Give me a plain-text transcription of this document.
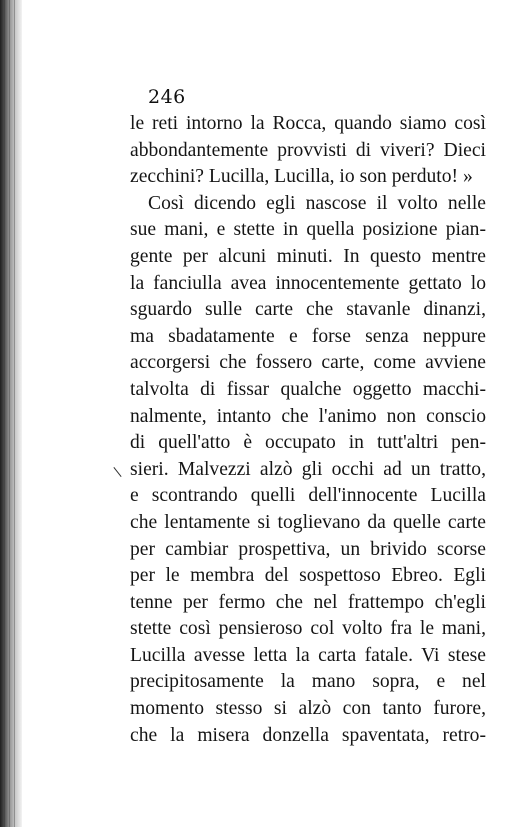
246
le reti intorno la Rocca, quando siamo così
abbondantemente provvisti di viveri? Dieci
zecchini? Lucilla, Lucilla, io son perduto! »
Così dicendo egli nascose il volto nelle
sue mani, e stette in quella posizione pian-
gente per alcuni minuti. In questo mentre
la fanciulla avea innocentemente gettato lo
sguardo sulle carte che stavanle dinanzi,
ma sbadatamente e forse senza neppure
accorgersi che fossero carte, come avviene
talvolta di fissar qualche oggetto macchi-
nalmente, intanto che l'animo non conscio
di quell'atto è occupato in tutt'altri pen-
sieri. Malvezzi alzò gli occhi ad un tratto,
e scontrando quelli dell'innocente Lucilla
che lentamente si toglievano da quelle carte
per cambiar prospettiva, un brivido scorse
per le membra del sospettoso Ebreo. Egli
tenne per fermo che nel frattempo ch'egli
stette così pensieroso col volto fra le mani,
Lucilla avesse letta la carta fatale. Vi stese
precipitosamente la mano sopra, e nel
momento stesso si alzò con tanto furore,
che la misera donzella spaventata, retro-
